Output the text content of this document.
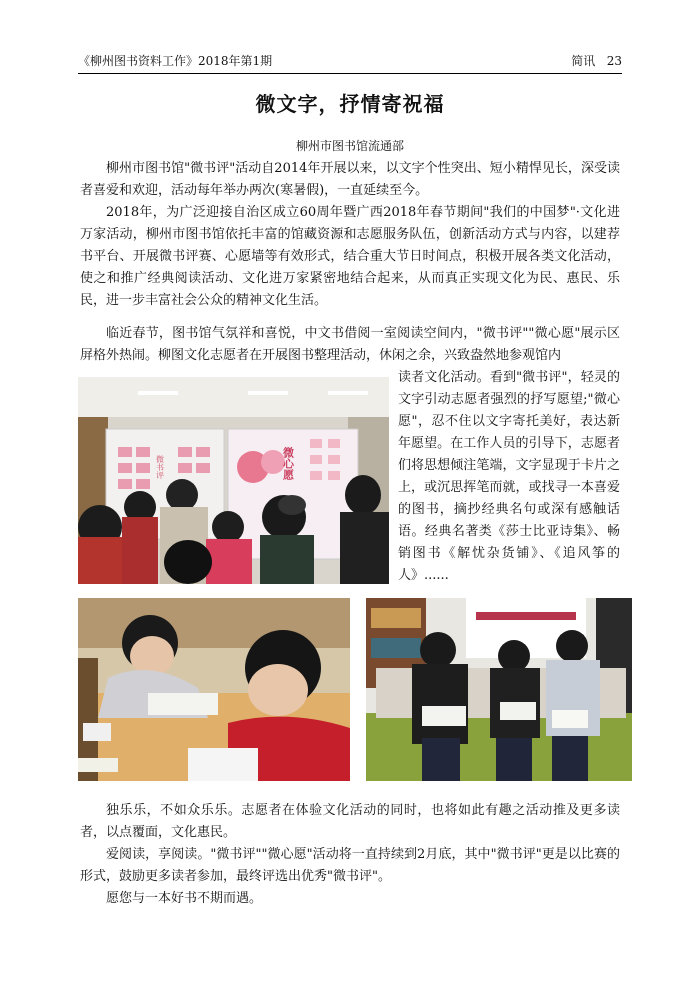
《柳州图书资料工作》2018年第1期	简讯 23
微文字，抒情寄祝福
柳州市图书馆流通部

柳州市图书馆"微书评"活动自2014年开展以来，以文字个性突出、短小精悍见长，深受读者喜爱和欢迎，活动每年举办两次(寒暑假)，一直延续至今。

2018年，为广泛迎接自治区成立60周年暨广西2018年春节期间"我们的中国梦"·文化进万家活动，柳州市图书馆依托丰富的馆藏资源和志愿服务队伍，创新活动方式与内容，以建荐书平台、开展微书评赛、心愿墙等有效形式，结合重大节日时间点，积极开展各类文化活动，使之和推广经典阅读活动、文化进万家紧密地结合起来，从而真正实现文化为民、惠民、乐民，进一步丰富社会公众的精神文化生活。

临近春节，图书馆气氛祥和喜悦，中文书借阅一室阅读空间内，"微书评""微心愿"展示区屏格外热闹。柳图文化志愿者在开展图书整理活动，休闲之余，兴致盎然地参观馆内

读者文化活动。看到"微书评"，轻灵的文字引动志愿者强烈的抒写愿望;"微心愿"，忍不住以文字寄托美好，表达新年愿望。在工作人员的引导下，志愿者们将思想倾注笔端，文字显现于卡片之上，或沉思挥笔而就，或找寻一本喜爱的图书，摘抄经典名句或深有感触话语。经典名著类《莎士比亚诗集》、畅销图书《解忧杂货铺》、《追风筝的人》......

微书评	微心愿

独乐乐，不如众乐乐。志愿者在体验文化活动的同时，也将如此有趣之活动推及更多读者，以点覆面，文化惠民。

爱阅读，享阅读。"微书评""微心愿"活动将一直持续到2月底，其中"微书评"更是以比赛的形式，鼓励更多读者参加，最终评选出优秀"微书评"。

愿您与一本好书不期而遇。
